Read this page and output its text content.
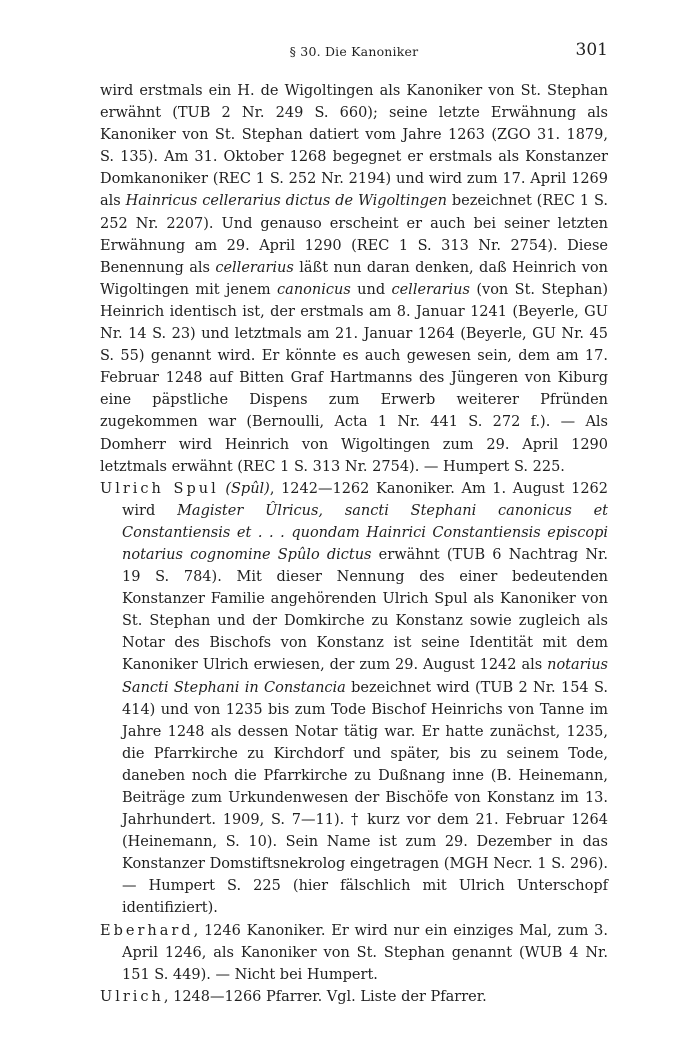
§ 30. Die Kanoniker	301

wird erstmals ein H. de Wigoltingen als Kanoniker von St. Stephan erwähnt (TUB 2 Nr. 249 S. 660); seine letzte Erwähnung als Kanoniker von St. Stephan datiert vom Jahre 1263 (ZGO 31. 1879, S. 135). Am 31. Oktober 1268 begegnet er erstmals als Konstanzer Domkanoniker (REC 1 S. 252 Nr. 2194) und wird zum 17. April 1269 als Hainricus cellerarius dictus de Wigoltingen bezeichnet (REC 1 S. 252 Nr. 2207). Und genauso erscheint er auch bei seiner letzten Erwähnung am 29. April 1290 (REC 1 S. 313 Nr. 2754). Diese Benennung als cellerarius läßt nun daran denken, daß Heinrich von Wigoltingen mit jenem canonicus und cellerarius (von St. Stephan) Heinrich identisch ist, der erstmals am 8. Januar 1241 (Beyerle, GU Nr. 14 S. 23) und letztmals am 21. Januar 1264 (Beyerle, GU Nr. 45 S. 55) genannt wird. Er könnte es auch gewesen sein, dem am 17. Februar 1248 auf Bitten Graf Hartmanns des Jüngeren von Kiburg eine päpstliche Dispens zum Erwerb weiterer Pfründen zugekommen war (Bernoulli, Acta 1 Nr. 441 S. 272 f.). — Als Domherr wird Heinrich von Wigoltingen zum 29. April 1290 letztmals erwähnt (REC 1 S. 313 Nr. 2754). — Humpert S. 225.

Ulrich Spul (Spûl), 1242—1262 Kanoniker. Am 1. August 1262 wird Magister Ûlricus, sancti Stephani canonicus et Constantiensis et . . . quondam Hainrici Constantiensis episcopi notarius cognomine Spûlo dictus erwähnt (TUB 6 Nachtrag Nr. 19 S. 784). Mit dieser Nennung des einer bedeutenden Konstanzer Familie angehörenden Ulrich Spul als Kanoniker von St. Stephan und der Domkirche zu Konstanz sowie zugleich als Notar des Bischofs von Konstanz ist seine Identität mit dem Kanoniker Ulrich erwiesen, der zum 29. August 1242 als notarius Sancti Stephani in Constancia bezeichnet wird (TUB 2 Nr. 154 S. 414) und von 1235 bis zum Tode Bischof Heinrichs von Tanne im Jahre 1248 als dessen Notar tätig war. Er hatte zunächst, 1235, die Pfarrkirche zu Kirchdorf und später, bis zu seinem Tode, daneben noch die Pfarrkirche zu Dußnang inne (B. Heinemann, Beiträge zum Urkundenwesen der Bischöfe von Konstanz im 13. Jahrhundert. 1909, S. 7—11). † kurz vor dem 21. Februar 1264 (Heinemann, S. 10). Sein Name ist zum 29. Dezember in das Konstanzer Domstiftsnekrolog eingetragen (MGH Necr. 1 S. 296). — Humpert S. 225 (hier fälschlich mit Ulrich Unterschopf identifiziert).

Eberhard, 1246 Kanoniker. Er wird nur ein einziges Mal, zum 3. April 1246, als Kanoniker von St. Stephan genannt (WUB 4 Nr. 151 S. 449). — Nicht bei Humpert.

Ulrich, 1248—1266 Pfarrer. Vgl. Liste der Pfarrer.
